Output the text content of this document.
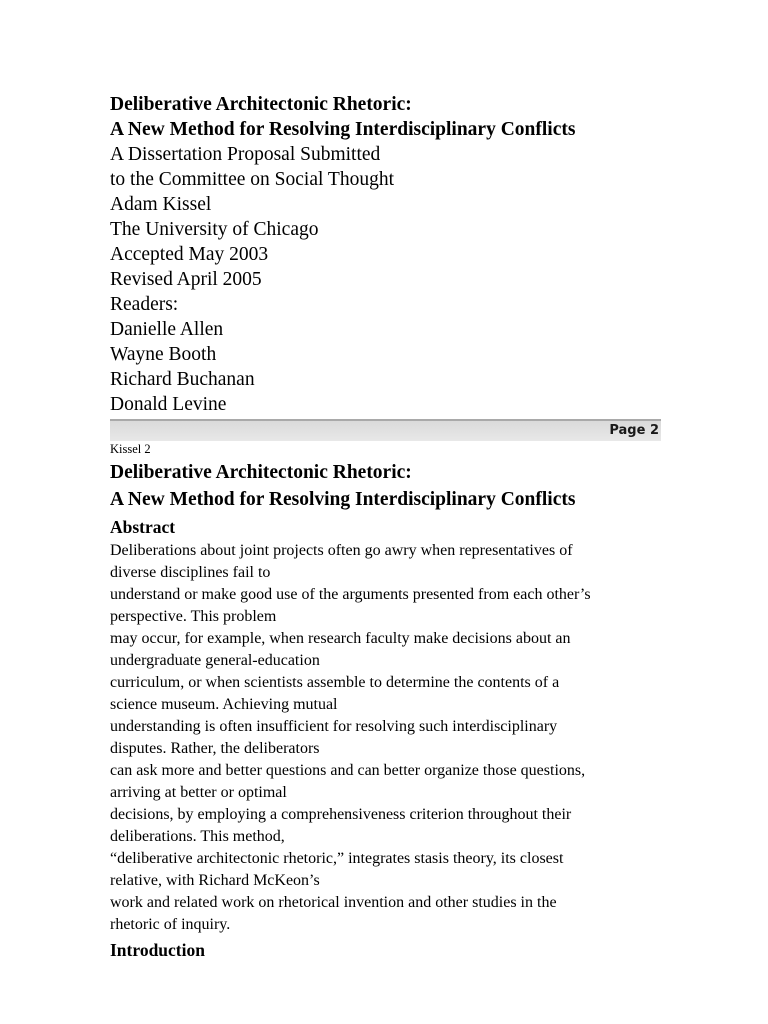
Deliberative Architectonic Rhetoric:
A New Method for Resolving Interdisciplinary Conflicts
A Dissertation Proposal Submitted
to the Committee on Social Thought
Adam Kissel
The University of Chicago
Accepted May 2003
Revised April 2005
Readers:
Danielle Allen
Wayne Booth
Richard Buchanan
Donald Levine
Page 2
Kissel 2
Deliberative Architectonic Rhetoric:
A New Method for Resolving Interdisciplinary Conflicts
Abstract
Deliberations about joint projects often go awry when representatives of
diverse disciplines fail to
understand or make good use of the arguments presented from each other’s
perspective. This problem
may occur, for example, when research faculty make decisions about an
undergraduate general-education
curriculum, or when scientists assemble to determine the contents of a
science museum. Achieving mutual
understanding is often insufficient for resolving such interdisciplinary
disputes. Rather, the deliberators
can ask more and better questions and can better organize those questions,
arriving at better or optimal
decisions, by employing a comprehensiveness criterion throughout their
deliberations. This method,
“deliberative architectonic rhetoric,” integrates stasis theory, its closest
relative, with Richard McKeon’s
work and related work on rhetorical invention and other studies in the
rhetoric of inquiry.
Introduction
